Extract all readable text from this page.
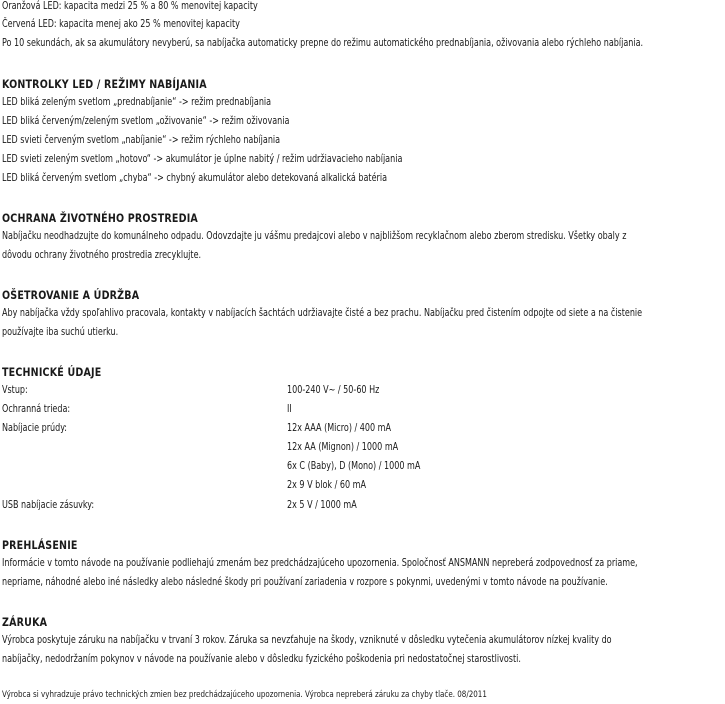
Oranžová LED: kapacita medzi 25 % a 80 % menovitej kapacity
Červená LED: kapacita menej ako 25 % menovitej kapacity
Po 10 sekundách, ak sa akumulátory nevyberú, sa nabíjačka automaticky prepne do režimu automatického prednabíjania, oživovania alebo rýchleho nabíjania.
KONTROLKY LED / REŽIMY NABÍJANIA
LED bliká zeleným svetlom „prednabíjanie“ -> režim prednabíjania
LED bliká červeným/zeleným svetlom „oživovanie“ -> režim oživovania
LED svieti červeným svetlom „nabíjanie“ -> režim rýchleho nabíjania
LED svieti zeleným svetlom „hotovo“ -> akumulátor je úplne nabitý / režim udržiavacieho nabíjania
LED bliká červeným svetlom „chyba“ -> chybný akumulátor alebo detekovaná alkalická batéria
OCHRANA ŽIVOTNÉHO PROSTREDIA
Nabíjačku neodhadzujte do komunálneho odpadu. Odovzdajte ju vášmu predajcovi alebo v najbližšom recyklačnom alebo zberom stredisku. Všetky obaly z
dôvodu ochrany životného prostredia zrecyklujte.
OŠETROVANIE A ÚDRŽBA
Aby nabíjačka vždy spoľahlivo pracovala, kontakty v nabíjacích šachtách udržiavajte čisté a bez prachu. Nabíjačku pred čistením odpojte od siete a na čistenie
používajte iba suchú utierku.
TECHNICKÉ ÚDAJE
Vstup:	100-240 V~ / 50-60 Hz
Ochranná trieda:	II
Nabíjacie prúdy:	12x AAA (Micro) / 400 mA
12x AA (Mignon) / 1000 mA
6x C (Baby), D (Mono) / 1000 mA
2x 9 V blok / 60 mA
USB nabíjacie zásuvky:	2x 5 V / 1000 mA
PREHLÁSENIE
Informácie v tomto návode na používanie podliehajú zmenám bez predchádzajúceho upozornenia. Spoločnosť ANSMANN nepreberá zodpovednosť za priame,
nepriame, náhodné alebo iné následky alebo následné škody pri používaní zariadenia v rozpore s pokynmi, uvedenými v tomto návode na používanie.
ZÁRUKA
Výrobca poskytuje záruku na nabíjačku v trvaní 3 rokov. Záruka sa nevzťahuje na škody, vzniknuté v dôsledku vytečenia akumulátorov nízkej kvality do
nabíjačky, nedodržaním pokynov v návode na používanie alebo v dôsledku fyzického poškodenia pri nedostatočnej starostlivosti.
Výrobca si vyhradzuje právo technických zmien bez predchádzajúceho upozornenia. Výrobca nepreberá záruku za chyby tlače. 08/2011
